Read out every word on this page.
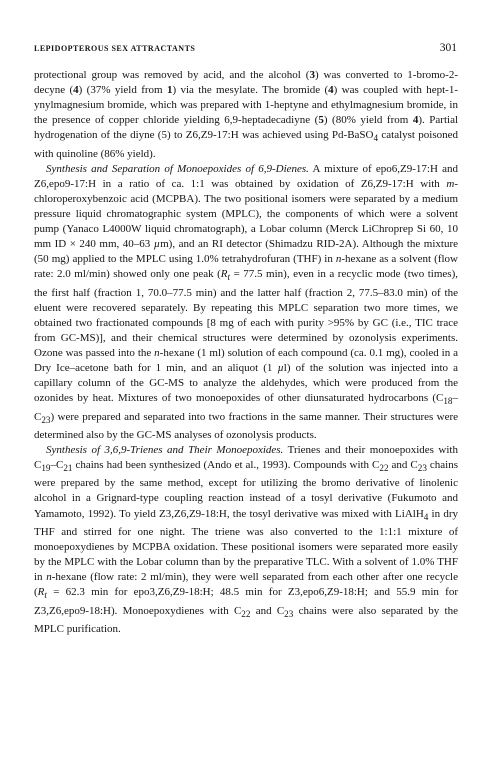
LEPIDOPTEROUS SEX ATTRACTANTS	301

protectional group was removed by acid, and the alcohol (3) was converted to 1-bromo-2-decyne (4) (37% yield from 1) via the mesylate. The bromide (4) was coupled with hept-1-ynylmagnesium bromide, which was prepared with 1-heptyne and ethylmagnesium bromide, in the presence of copper chloride yielding 6,9-heptadecadiyne (5) (80% yield from 4). Partial hydrogenation of the diyne (5) to Z6,Z9-17:H was achieved using Pd-BaSO$_4$ catalyst poisoned with quinoline (86% yield).

Synthesis and Separation of Monoepoxides of 6,9-Dienes. A mixture of epo6,Z9-17:H and Z6,epo9-17:H in a ratio of ca. 1:1 was obtained by oxidation of Z6,Z9-17:H with m-chloroperoxybenzoic acid (MCPBA). The two positional isomers were separated by a medium pressure liquid chromatographic system (MPLC), the components of which were a solvent pump (Yanaco L4000W liquid chromatograph), a Lobar column (Merck LiChroprep Si 60, 10 mm ID × 240 mm, 40–63 µm), and an RI detector (Shimadzu RID-2A). Although the mixture (50 mg) applied to the MPLC using 1.0% tetrahydrofuran (THF) in n-hexane as a solvent (flow rate: 2.0 ml/min) showed only one peak ($R_t = 77.5$ min), even in a recyclic mode (two times), the first half (fraction 1, 70.0–77.5 min) and the latter half (fraction 2, 77.5–83.0 min) of the eluent were recovered separately. By repeating this MPLC separation two more times, we obtained two fractionated compounds [8 mg of each with purity >95% by GC (i.e., TIC trace from GC-MS)], and their chemical structures were determined by ozonolysis experiments. Ozone was passed into the n-hexane (1 ml) solution of each compound (ca. 0.1 mg), cooled in a Dry Ice–acetone bath for 1 min, and an aliquot (1 µl) of the solution was injected into a capillary column of the GC-MS to analyze the aldehydes, which were produced from the ozonides by heat. Mixtures of two monoepoxides of other diunsaturated hydrocarbons $(C_{18}-C_{23})$ were prepared and separated into two fractions in the same manner. Their structures were determined also by the GC-MS analyses of ozonolysis products.

Synthesis of 3,6,9-Trienes and Their Monoepoxides. Trienes and their monoepoxides with $C_{19}-C_{21}$ chains had been synthesized (Ando et al., 1993). Compounds with $C_{22}$ and $C_{23}$ chains were prepared by the same method, except for utilizing the bromo derivative of linolenic alcohol in a Grignard-type coupling reaction instead of a tosyl derivative (Fukumoto and Yamamoto, 1992). To yield Z3,Z6,Z9-18:H, the tosyl derivative was mixed with LiAlH$_4$ in dry THF and stirred for one night. The triene was also converted to the 1:1:1 mixture of monoepoxydienes by MCPBA oxidation. These positional isomers were separated more easily by the MPLC with the Lobar column than by the preparative TLC. With a solvent of 1.0% THF in n-hexane (flow rate: 2 ml/min), they were well separated from each other after one recycle ($R_t = 62.3$ min for epo3,Z6,Z9-18:H; 48.5 min for Z3,epo6,Z9-18:H; and 55.9 min for Z3,Z6,epo9-18:H). Monoepoxydienes with $C_{22}$ and $C_{23}$ chains were also separated by the MPLC purification.
